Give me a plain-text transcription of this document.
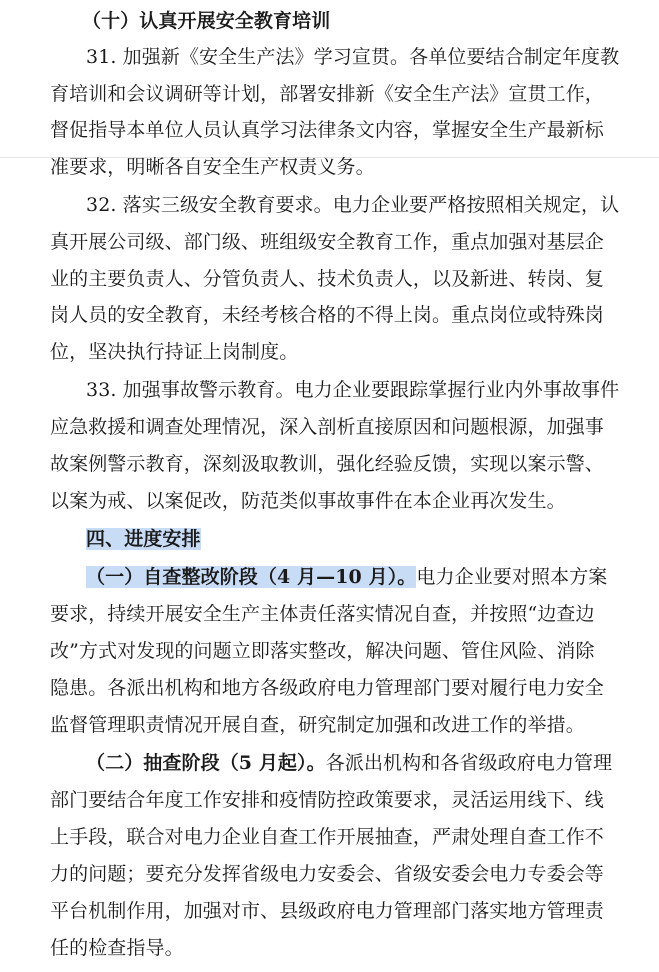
（十）认真开展安全教育培训
31. 加强新《安全生产法》学习宣贯。各单位要结合制定年度教
育培训和会议调研等计划，部署安排新《安全生产法》宣贯工作，
督促指导本单位人员认真学习法律条文内容，掌握安全生产最新标
准要求，明晰各自安全生产权责义务。
32. 落实三级安全教育要求。电力企业要严格按照相关规定，认
真开展公司级、部门级、班组级安全教育工作，重点加强对基层企
业的主要负责人、分管负责人、技术负责人，以及新进、转岗、复
岗人员的安全教育，未经考核合格的不得上岗。重点岗位或特殊岗
位，坚决执行持证上岗制度。
33. 加强事故警示教育。电力企业要跟踪掌握行业内外事故事件
应急救援和调查处理情况，深入剖析直接原因和问题根源，加强事
故案例警示教育，深刻汲取教训，强化经验反馈，实现以案示警、
以案为戒、以案促改，防范类似事故事件在本企业再次发生。
四、进度安排
（一）自查整改阶段（4 月—10 月）。电力企业要对照本方案
要求，持续开展安全生产主体责任落实情况自查，并按照“边查边
改”方式对发现的问题立即落实整改，解决问题、管住风险、消除
隐患。各派出机构和地方各级政府电力管理部门要对履行电力安全
监督管理职责情况开展自查，研究制定加强和改进工作的举措。
（二）抽查阶段（5 月起）。各派出机构和各省级政府电力管理
部门要结合年度工作安排和疫情防控政策要求，灵活运用线下、线
上手段，联合对电力企业自查工作开展抽查，严肃处理自查工作不
力的问题；要充分发挥省级电力安委会、省级安委会电力专委会等
平台机制作用，加强对市、县级政府电力管理部门落实地方管理责
任的检查指导。
